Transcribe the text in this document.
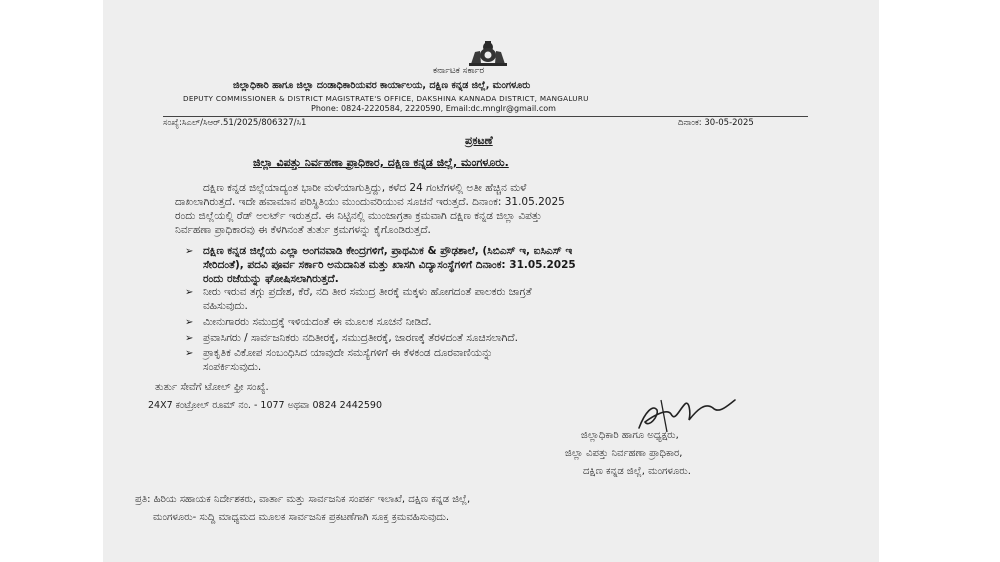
ಕರ್ನಾಟಕ ಸರ್ಕಾರ
ಜಿಲ್ಲಾಧಿಕಾರಿ ಹಾಗೂ ಜಿಲ್ಲಾ ದಂಡಾಧಿಕಾರಿಯವರ ಕಾರ್ಯಾಲಯ, ದಕ್ಷಿಣ ಕನ್ನಡ ಜಿಲ್ಲೆ, ಮಂಗಳೂರು
DEPUTY COMMISSIONER & DISTRICT MAGISTRATE'S OFFICE, DAKSHINA KANNADA DISTRICT, MANGALURU
Phone: 0824-2220584, 2220590, Email:dc.mnglr@gmail.com
ಸಂಖ್ಯೆ:ಸಿಎಲ್/ಸಿಆರ್.51/2025/806327/ಸಿ1	ದಿನಾಂಕ: 30-05-2025
ಪ್ರಕಟಣೆ
ಜಿಲ್ಲಾ ವಿಪತ್ತು ನಿರ್ವಹಣಾ ಪ್ರಾಧಿಕಾರ, ದಕ್ಷಿಣ ಕನ್ನಡ ಜಿಲ್ಲೆ, ಮಂಗಳೂರು.
ದಕ್ಷಿಣ ಕನ್ನಡ ಜಿಲ್ಲೆಯಾದ್ಯಂತ ಭಾರೀ ಮಳೆಯಾಗುತ್ತಿದ್ದು, ಕಳೆದ 24 ಗಂಟೆಗಳಲ್ಲಿ ಅತೀ ಹೆಚ್ಚಿನ ಮಳೆ
ದಾಖಲಾಗಿರುತ್ತದೆ. ಇದೇ ಹವಾಮಾನ ಪರಿಸ್ಥಿತಿಯು ಮುಂದುವರಿಯುವ ಸೂಚನೆ ಇರುತ್ತದೆ. ದಿನಾಂಕ: 31.05.2025
ರಂದು ಜಿಲ್ಲೆಯಲ್ಲಿ ರೆಡ್ ಅಲರ್ಟ್ ಇರುತ್ತದೆ. ಈ ನಿಟ್ಟಿನಲ್ಲಿ ಮುಂಜಾಗ್ರತಾ ಕ್ರಮವಾಗಿ ದಕ್ಷಿಣ ಕನ್ನಡ ಜಿಲ್ಲಾ ವಿಪತ್ತು
ನಿರ್ವಹಣಾ ಪ್ರಾಧಿಕಾರವು ಈ ಕೆಳಗಿನಂತೆ ತುರ್ತು ಕ್ರಮಗಳನ್ನು ಕೈಗೊಂಡಿರುತ್ತದೆ.
➢ ದಕ್ಷಿಣ ಕನ್ನಡ ಜಿಲ್ಲೆಯ ಎಲ್ಲಾ ಅಂಗನವಾಡಿ ಕೇಂದ್ರಗಳಿಗೆ, ಪ್ರಾಥಮಿಕ & ಪ್ರೌಢಶಾಲೆ, (ಸಿಬಿಎಸ್ ಇ, ಐಸಿಎಸ್ ಇ
ಸೇರಿದಂತೆ), ಪದವಿ ಪೂರ್ವ ಸರ್ಕಾರಿ ಅನುದಾನಿತ ಮತ್ತು ಖಾಸಗಿ ವಿದ್ಯಾಸಂಸ್ಥೆಗಳಿಗೆ ದಿನಾಂಕ: 31.05.2025
ರಂದು ರಜೆಯನ್ನು ಘೋಷಿಸಲಾಗಿರುತ್ತದೆ.
➢ ನೀರು ಇರುವ ತಗ್ಗು ಪ್ರದೇಶ, ಕೆರೆ, ನದಿ ತೀರ ಸಮುದ್ರ ತೀರಕ್ಕೆ ಮಕ್ಕಳು ಹೋಗದಂತೆ ಪಾಲಕರು ಜಾಗ್ರತೆ
ವಹಿಸುವುದು.
➢ ಮೀನುಗಾರರು ಸಮುದ್ರಕ್ಕೆ ಇಳಿಯದಂತೆ ಈ ಮೂಲಕ ಸೂಚನೆ ನೀಡಿದೆ.
➢ ಪ್ರವಾಸಿಗರು / ಸಾರ್ವಜನಿಕರು ನದಿತೀರಕ್ಕೆ, ಸಮುದ್ರತೀರಕ್ಕೆ, ಜಾರಣಕ್ಕೆ ತೆರಳದಂತೆ ಸೂಚಿಸಲಾಗಿದೆ.
➢ ಪ್ರಾಕೃತಿಕ ವಿಕೋಪ ಸಂಬಂಧಿಸಿದ ಯಾವುದೇ ಸಮಸ್ಯೆಗಳಿಗೆ ಈ ಕೆಳಕಂಡ ದೂರವಾಣಿಯನ್ನು
ಸಂಪರ್ಕಿಸುವುದು.
ತುರ್ತು ಸೇವೆಗೆ ಟೋಲ್ ಫ್ರೀ ಸಂಖ್ಯೆ.
24X7 ಕಂಟ್ರೋಲ್ ರೂಮ್ ನಂ. - 1077 ಅಥವಾ 0824 2442590
ಜಿಲ್ಲಾಧಿಕಾರಿ ಹಾಗೂ ಅಧ್ಯಕ್ಷರು,
ಜಿಲ್ಲಾ ವಿಪತ್ತು ನಿರ್ವಹಣಾ ಪ್ರಾಧಿಕಾರ,
ದಕ್ಷಿಣ ಕನ್ನಡ ಜಿಲ್ಲೆ, ಮಂಗಳೂರು.
ಪ್ರತಿ: ಹಿರಿಯ ಸಹಾಯಕ ನಿರ್ದೇಶಕರು, ವಾರ್ತಾ ಮತ್ತು ಸಾರ್ವಜನಿಕ ಸಂಪರ್ಕ ಇಲಾಖೆ, ದಕ್ಷಿಣ ಕನ್ನಡ ಜಿಲ್ಲೆ,
ಮಂಗಳೂರು- ಸುದ್ದಿ ಮಾಧ್ಯಮದ ಮೂಲಕ ಸಾರ್ವಜನಿಕ ಪ್ರಕಟಣೆಗಾಗಿ ಸೂಕ್ತ ಕ್ರಮವಹಿಸುವುದು.
